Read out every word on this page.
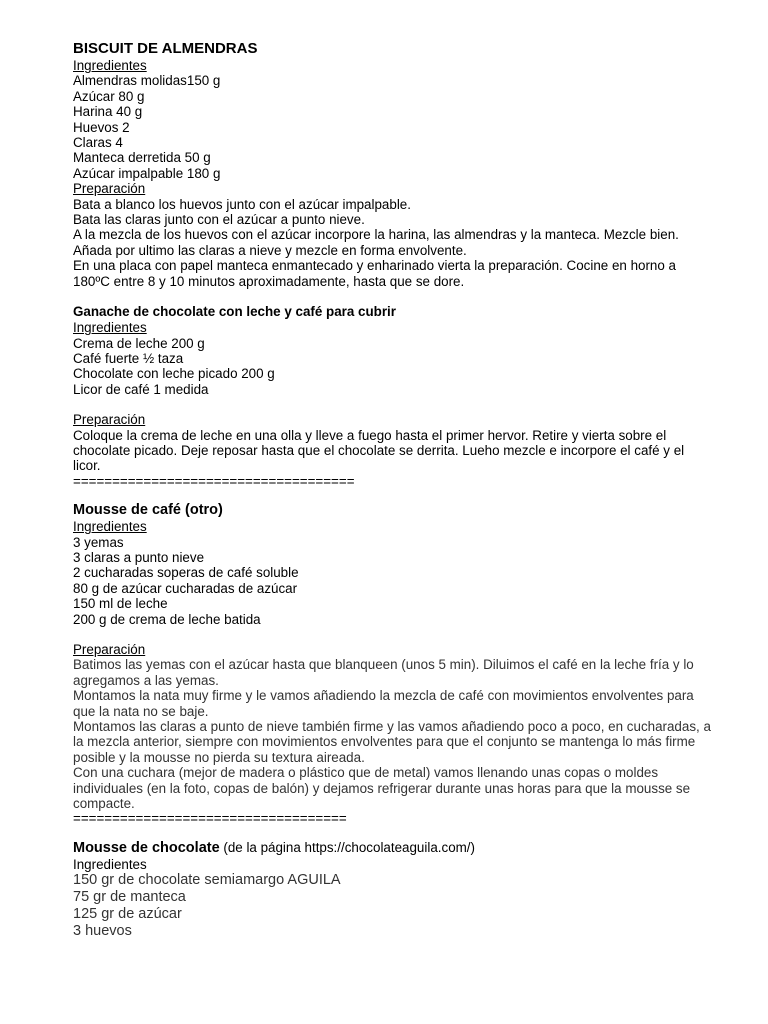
BISCUIT DE ALMENDRAS
Ingredientes
Almendras molidas150 g
Azúcar 80 g
Harina 40 g
Huevos 2
Claras 4
Manteca derretida 50 g
Azúcar impalpable 180 g
Preparación
Bata a blanco los huevos junto con el azúcar impalpable.
Bata las claras junto con el azúcar a punto nieve.
A la mezcla de los huevos con el azúcar incorpore la harina, las almendras y la manteca. Mezcle bien.
Añada por ultimo las claras a nieve y mezcle en forma envolvente.
En una placa con papel manteca enmantecado y enharinado vierta la preparación. Cocine en horno a 180ºC entre 8 y 10 minutos aproximadamente, hasta que se dore.
Ganache de chocolate con leche y café para cubrir
Ingredientes
Crema de leche 200 g
Café fuerte ½ taza
Chocolate con leche picado 200 g
Licor de café 1 medida
Preparación
Coloque la crema de leche en una olla y lleve a fuego hasta el primer hervor. Retire y vierta sobre el chocolate picado. Deje reposar hasta que el chocolate se derrita. Lueho mezcle e incorpore el café y el licor.
====================================
Mousse de café (otro)
Ingredientes
3 yemas
3 claras a punto nieve
2 cucharadas soperas de café soluble
80 g de azúcar cucharadas de azúcar
150 ml de leche
200 g de crema de leche batida
Preparación
Batimos las yemas con el azúcar hasta que blanqueen (unos 5 min). Diluimos el café en la leche fría y lo agregamos a las yemas.
Montamos la nata muy firme y le vamos añadiendo la mezcla de café con movimientos envolventes para que la nata no se baje.
Montamos las claras a punto de nieve también firme y las vamos añadiendo poco a poco, en cucharadas, a la mezcla anterior, siempre con movimientos envolventes para que el conjunto se mantenga lo más firme posible y la mousse no pierda su textura aireada.
Con una cuchara (mejor de madera o plástico que de metal) vamos llenando unas copas o moldes individuales (en la foto, copas de balón) y dejamos refrigerar durante unas horas para que la mousse se compacte.
===================================
Mousse de chocolate (de la página https://chocolateaguila.com/)
Ingredientes
150 gr de chocolate semiamargo AGUILA
75 gr de manteca
125 gr de azúcar
3 huevos
